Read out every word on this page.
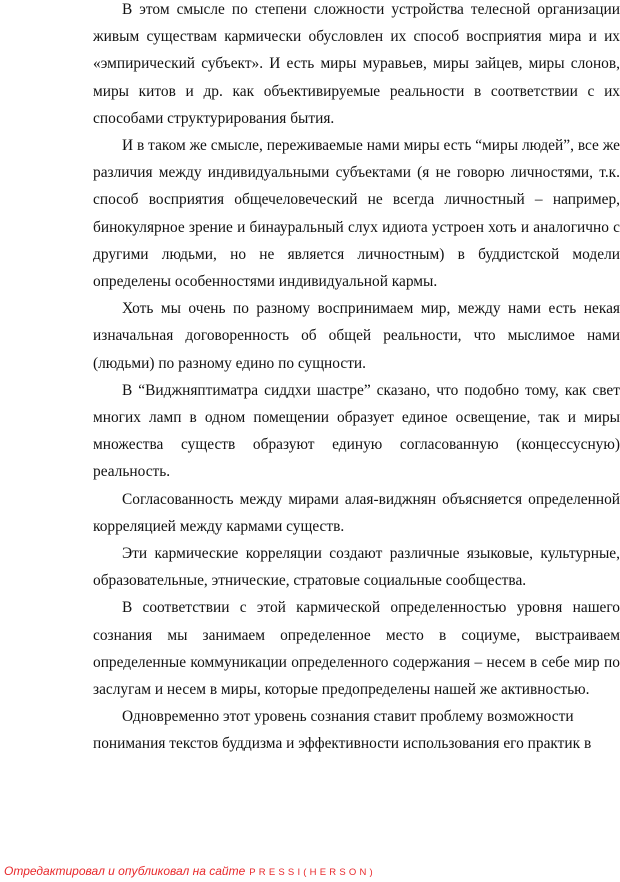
В этом смысле по степени сложности устройства телесной организации живым существам кармически обусловлен их способ восприятия мира и их «эмпирический субъект». И есть миры муравьев, миры зайцев, миры слонов, миры китов и др. как объективируемые реальности в соответствии с их способами структурирования бытия.

И в таком же смысле, переживаемые нами миры есть “миры людей”, все же различия между индивидуальными субъектами (я не говорю личностями, т.к. способ восприятия общечеловеческий не всегда личностный – например, бинокулярное зрение и бинауральный слух идиота устроен хоть и аналогично с другими людьми, но не является личностным) в буддистской модели определены особенностями индивидуальной кармы.

Хоть мы очень по разному воспринимаем мир, между нами есть некая изначальная договоренность об общей реальности, что мыслимое нами (людьми) по разному едино по сущности.

В “Виджняптиматра сиддхи шастре” сказано, что подобно тому, как свет многих ламп в одном помещении образует единое освещение, так и миры множества существ образуют единую согласованную (концессусную) реальность.

Согласованность между мирами алая-виджнян объясняется определенной корреляцией между кармами существ.

Эти кармические корреляции создают различные языковые, культурные, образовательные, этнические, стратовые социальные сообщества.

В соответствии с этой кармической определенностью уровня нашего сознания мы занимаем определенное место в социуме, выстраиваем определенные коммуникации определенного содержания – несем в себе мир по заслугам и несем в миры, которые предопределены нашей же активностью.

Одновременно этот уровень сознания ставит проблему возможности понимания текстов буддизма и эффективности использования его практик в

Отредактировал и опубликовал на сайте PRESSI(HERSON)
